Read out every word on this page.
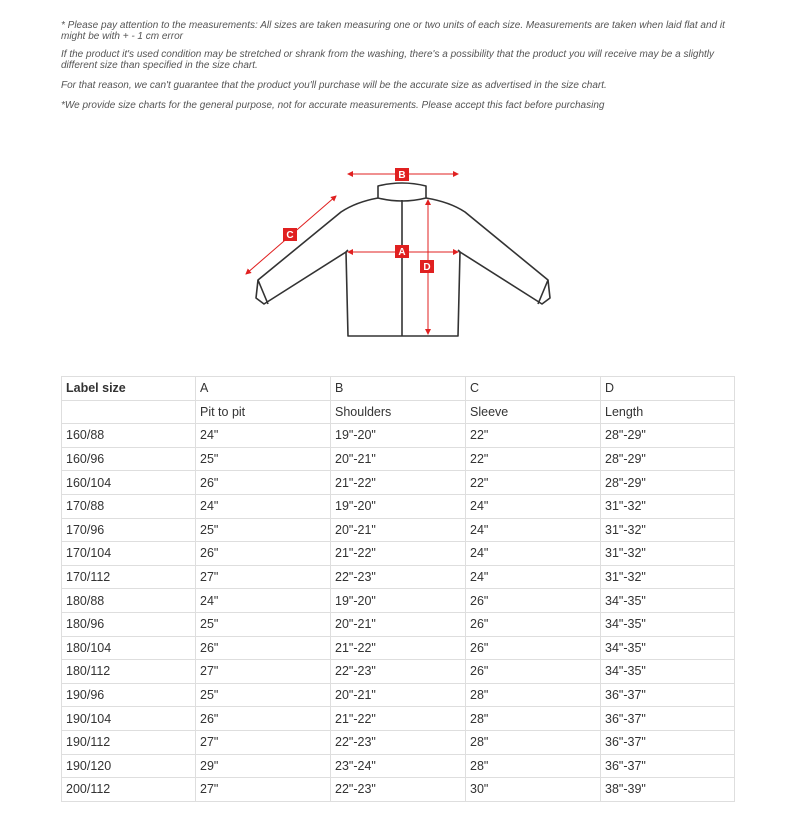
* Please pay attention to the measurements: All sizes are taken measuring one or two units of each size. Measurements are taken when laid flat and it might be with + - 1 cm error

If the product it's used condition may be stretched or shrank from the washing, there's a possibility that the product you will receive may be a slightly different size than specified in the size chart.

For that reason, we can't guarantee that the product you'll purchase will be the accurate size as advertised in the size chart.

*We provide size charts for the general purpose, not for accurate measurements. Please accept this fact before purchasing

B
A
C
D
Label size	A	B	C	D
	Pit to pit	Shoulders	Sleeve	Length
160/88	24"	19"-20"	22"	28"-29"
160/96	25"	20"-21"	22"	28"-29"
160/104	26"	21"-22"	22"	28"-29"
170/88	24"	19"-20"	24"	31"-32"
170/96	25"	20"-21"	24"	31"-32"
170/104	26"	21"-22"	24"	31"-32"
170/112	27"	22"-23"	24"	31"-32"
180/88	24"	19"-20"	26"	34"-35"
180/96	25"	20"-21"	26"	34"-35"
180/104	26"	21"-22"	26"	34"-35"
180/112	27"	22"-23"	26"	34"-35"
190/96	25"	20"-21"	28"	36"-37"
190/104	26"	21"-22"	28"	36"-37"
190/112	27"	22"-23"	28"	36"-37"
190/120	29"	23"-24"	28"	36"-37"
200/112	27"	22"-23"	30"	38"-39"
